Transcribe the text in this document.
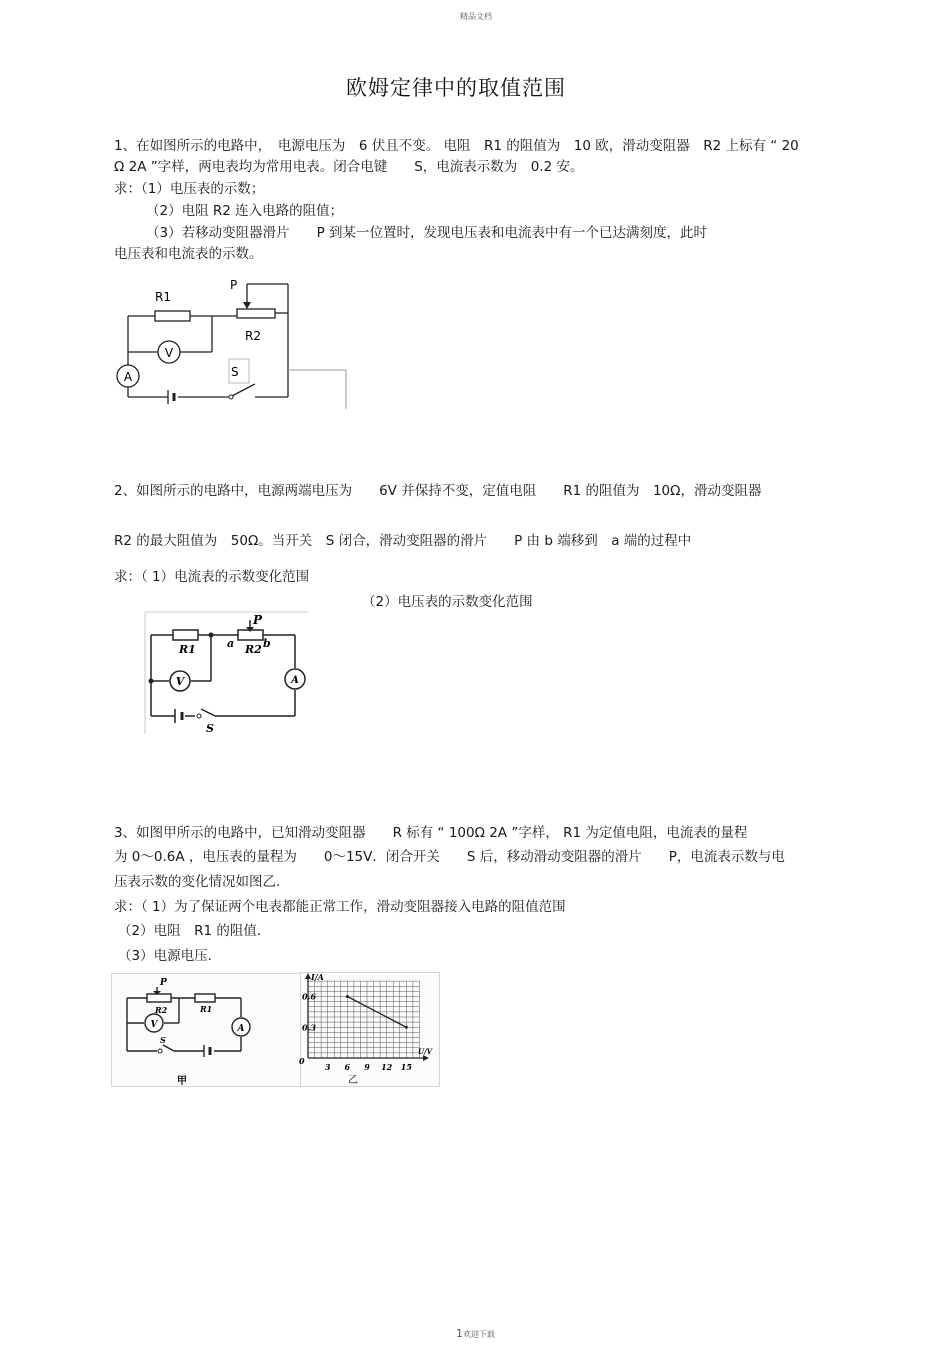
精品文档
欧姆定律中的取值范围
1、在如图所示的电路中，　电源电压为　6 伏且不变。 电阻　R1 的阻值为　10 欧，滑动变阻器　R2 上标有 “ 20
Ω 2A ”字样，两电表均为常用电表。闭合电键　　S，电流表示数为　0.2 安。
求：（1）电压表的示数；
（2）电阻 R2 连入电路的阻值；
（3）若移动变阻器滑片　　P 到某一位置时，发现电压表和电流表中有一个已达满刻度，此时
电压表和电流表的示数。
R1
P
R2
S
V
A
2、如图所示的电路中，电源两端电压为　　6V 并保持不变，定值电阻　　R1 的阻值为　10Ω，滑动变阻器
R2 的最大阻值为　50Ω。当开关　S 闭合，滑动变阻器的滑片　　P 由 b 端移到　a 端的过程中
求：（ 1）电流表的示数变化范围
（2）电压表的示数变化范围
R1	R2
P
a	b
S
V	A
3、如图甲所示的电路中，已知滑动变阻器　　R 标有 “ 100Ω 2A ”字样， R1 为定值电阻，电流表的量程
为 0～0.6A ，电压表的量程为　　0～15V．闭合开关　　S 后，移动滑动变阻器的滑片　　P，电流表示数与电
压表示数的变化情况如图乙．
求：（ 1）为了保证两个电表都能正常工作，滑动变阻器接入电路的阻值范围
（2）电阻　R1 的阻值．
（3）电源电压．
P
R2	R1
S
V	A
甲
I/A
U/V
0
0.6
0.3
3 6 9 12 15
乙
1欢迎下载
